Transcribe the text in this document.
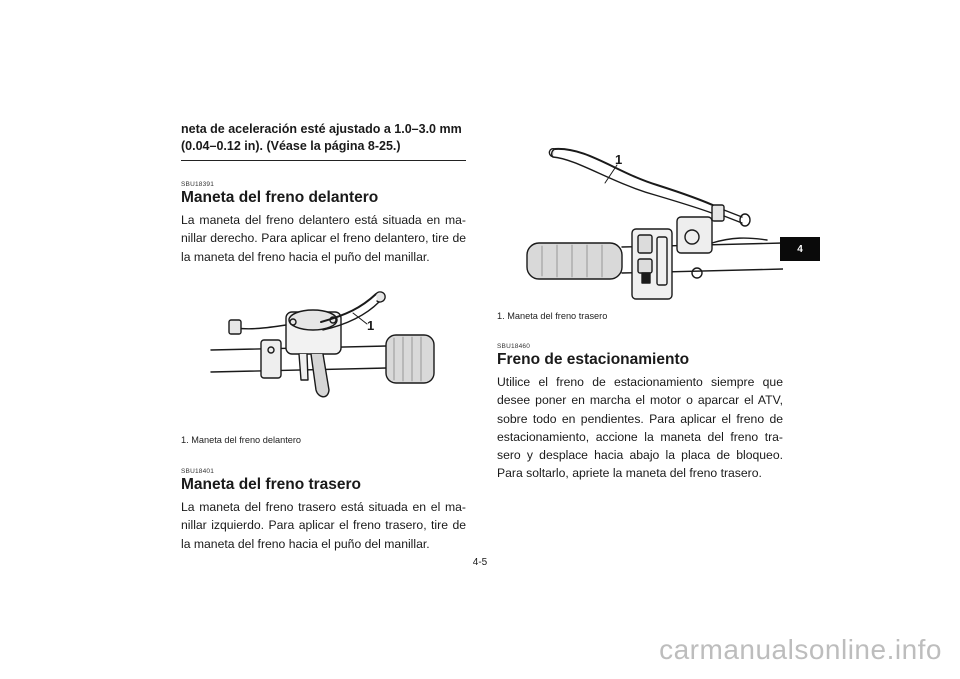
neta de aceleración esté ajustado a 1.0–3.0 mm (0.04–0.12 in). (Véase la página 8-25.)
SBU18391
Maneta del freno delantero
La maneta del freno delantero está situada en ma-nillar derecho. Para aplicar el freno delantero, tire de la maneta del freno hacia el puño del manillar.
1
1. Maneta del freno delantero
SBU18401
Maneta del freno trasero
La maneta del freno trasero está situada en el ma-nillar izquierdo. Para aplicar el freno trasero, tire de la maneta del freno hacia el puño del manillar.
1
1. Maneta del freno trasero
SBU18460
Freno de estacionamiento
Utilice el freno de estacionamiento siempre que desee poner en marcha el motor o aparcar el ATV, sobre todo en pendientes. Para aplicar el freno de estacionamiento, accione la maneta del freno tra-sero y desplace hacia abajo la placa de bloqueo. Para soltarlo, apriete la maneta del freno trasero.
4
4-5
carmanualsonline.info
